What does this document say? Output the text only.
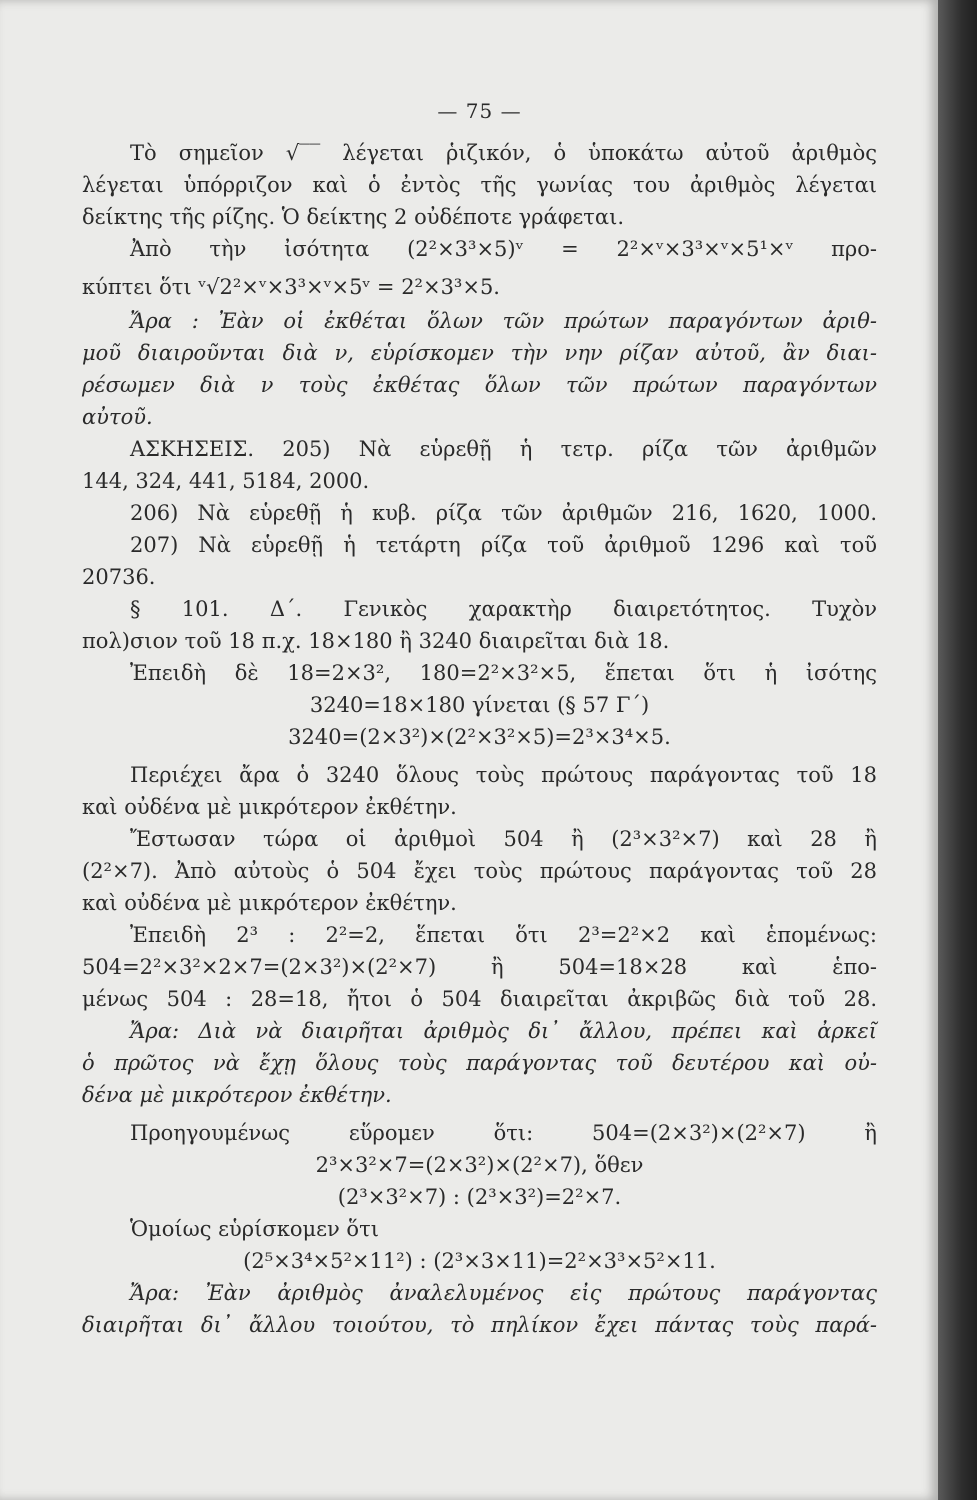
— 75 —
Τὸ σημεῖον √‾‾ λέγεται ῥιζικόν, ὁ ὑποκάτω αὐτοῦ ἀριθμὸς
λέγεται ὑπόρριζον καὶ ὁ ἐντὸς τῆς γωνίας του ἀριθμὸς λέγεται
δείκτης τῆς ρίζης. Ὁ δείκτης 2 οὐδέποτε γράφεται.
Ἀπὸ τὴν ἰσότητα (2²×3³×5)ᵛ = 2²×ᵛ×3³×ᵛ×5¹×ᵛ προ-
κύπτει ὅτι ᵛ√2²×ᵛ×3³×ᵛ×5ᵛ = 2²×3³×5.
Ἄρα : Ἐὰν οἱ ἐκθέται ὅλων τῶν πρώτων παραγόντων ἀριθ-
μοῦ διαιροῦνται διὰ ν, εὑρίσκομεν τὴν νην ρίζαν αὐτοῦ, ἂν διαι-
ρέσωμεν διὰ ν τοὺς ἐκθέτας ὅλων τῶν πρώτων παραγόντων
αὐτοῦ.
ΑΣΚΗΣΕΙΣ. 205) Νὰ εὑρεθῇ ἡ τετρ. ρίζα τῶν ἀριθμῶν
144, 324, 441, 5184, 2000.
206) Νὰ εὑρεθῇ ἡ κυβ. ρίζα τῶν ἀριθμῶν 216, 1620, 1000.
207) Νὰ εὑρεθῇ ἡ τετάρτη ρίζα τοῦ ἀριθμοῦ 1296 καὶ τοῦ
20736.
§ 101. Δ΄. Γενικὸς χαρακτὴρ διαιρετότητος. Τυχὸν
πολ)σιον τοῦ 18 π.χ. 18×180 ἢ 3240 διαιρεῖται διὰ 18.
Ἐπειδὴ δὲ 18=2×3², 180=2²×3²×5, ἕπεται ὅτι ἡ ἰσότης
3240=18×180 γίνεται (§ 57 Γ΄)
3240=(2×3²)×(2²×3²×5)=2³×3⁴×5.
Περιέχει ἄρα ὁ 3240 ὅλους τοὺς πρώτους παράγοντας τοῦ 18
καὶ οὐδένα μὲ μικρότερον ἐκθέτην.
Ἔστωσαν τώρα οἱ ἀριθμοὶ 504 ἢ (2³×3²×7) καὶ 28 ἢ
(2²×7). Ἀπὸ αὐτοὺς ὁ 504 ἔχει τοὺς πρώτους παράγοντας τοῦ 28
καὶ οὐδένα μὲ μικρότερον ἐκθέτην.
Ἐπειδὴ 2³ : 2²=2, ἕπεται ὅτι 2³=2²×2 καὶ ἑπομένως:
504=2²×3²×2×7=(2×3²)×(2²×7) ἢ 504=18×28 καὶ ἑπο-
μένως 504 : 28=18, ἤτοι ὁ 504 διαιρεῖται ἀκριβῶς διὰ τοῦ 28.
Ἄρα: Διὰ νὰ διαιρῆται ἀριθμὸς δι᾽ ἄλλου, πρέπει καὶ ἀρκεῖ
ὁ πρῶτος νὰ ἔχῃ ὅλους τοὺς παράγοντας τοῦ δευτέρου καὶ οὐ-
δένα μὲ μικρότερον ἐκθέτην.
Προηγουμένως εὕρομεν ὅτι: 504=(2×3²)×(2²×7) ἢ
2³×3²×7=(2×3²)×(2²×7), ὅθεν
(2³×3²×7) : (2³×3²)=2²×7.
Ὁμοίως εὑρίσκομεν ὅτι
(2⁵×3⁴×5²×11²) : (2³×3×11)=2²×3³×5²×11.
Ἄρα: Ἐὰν ἀριθμὸς ἀναλελυμένος εἰς πρώτους παράγοντας
διαιρῆται δι᾽ ἄλλου τοιούτου, τὸ πηλίκον ἔχει πάντας τοὺς παρά-
